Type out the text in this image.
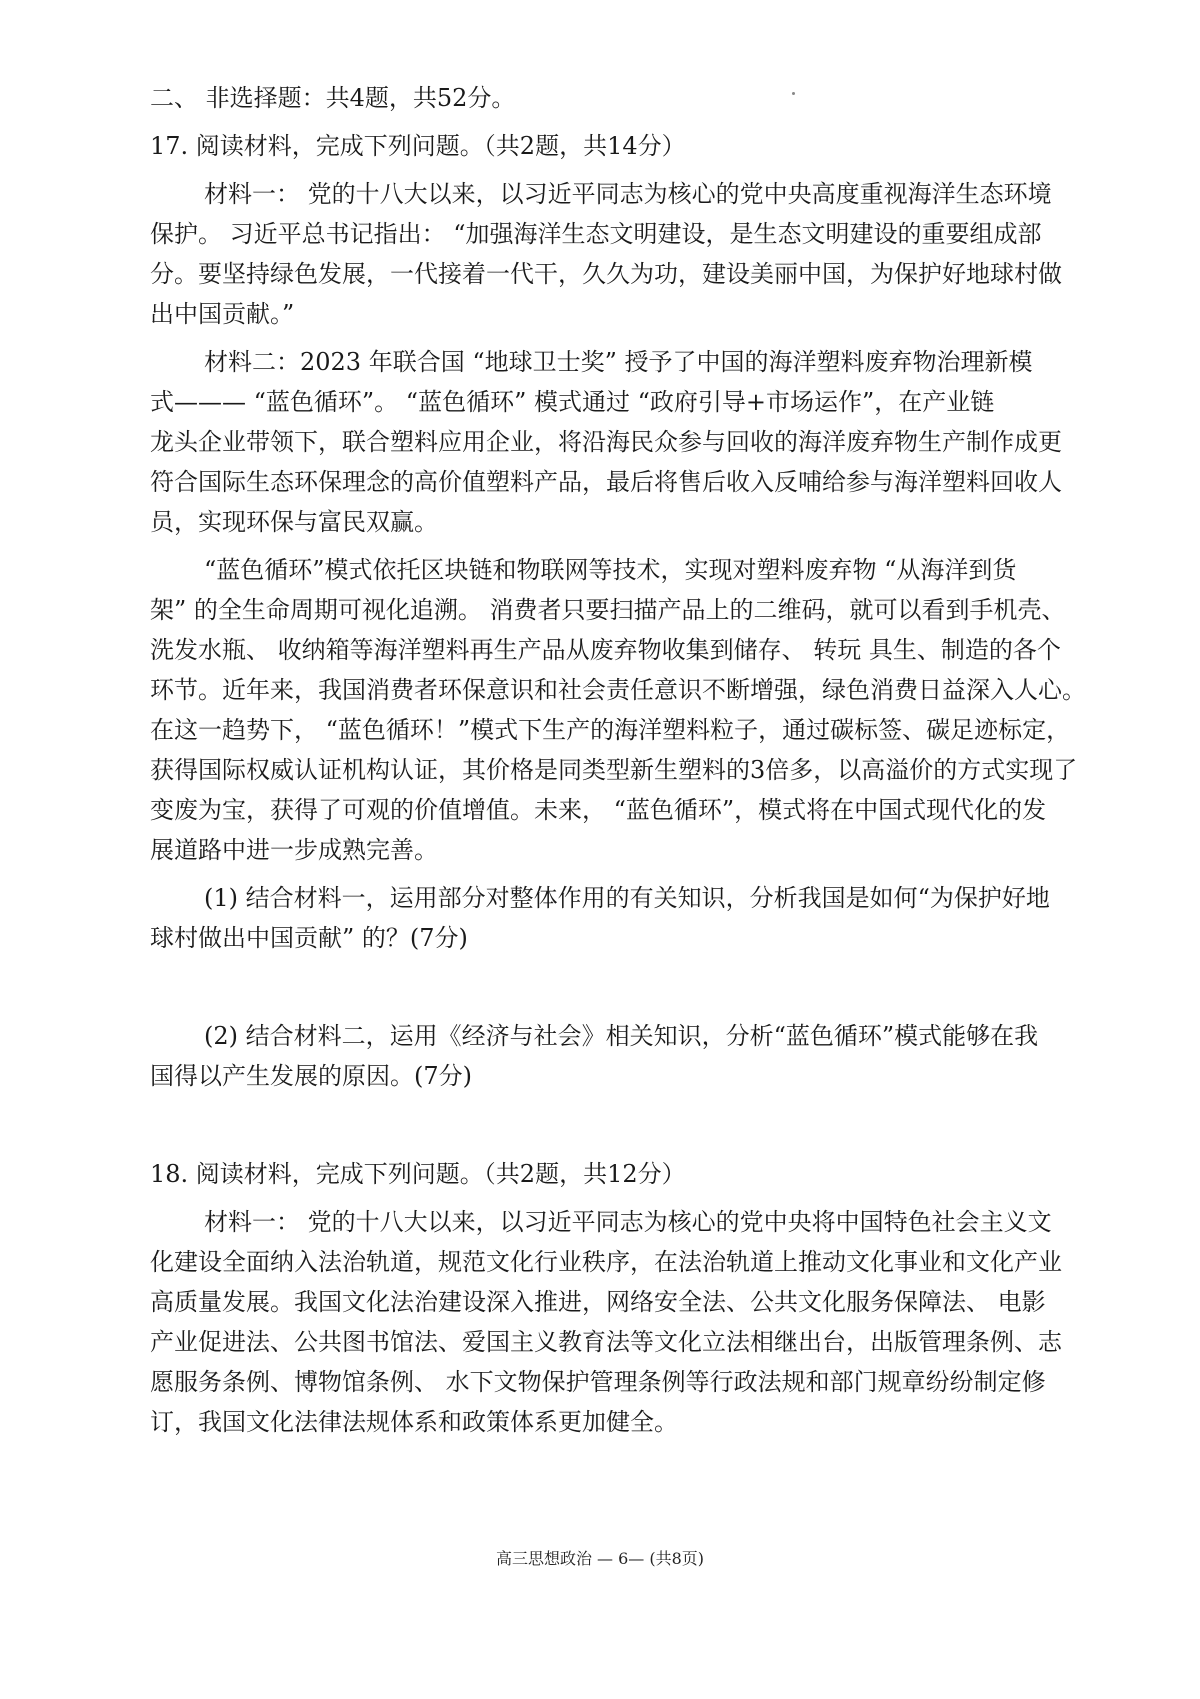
二、 非选择题：共4题，共52分。
17. 阅读材料，完成下列问题。（共2题，共14分）
材料一： 党的十八大以来，以习近平同志为核心的党中央高度重视海洋生态环境
保护。 习近平总书记指出： “加强海洋生态文明建设，是生态文明建设的重要组成部
分。要坚持绿色发展，一代接着一代干，久久为功，建设美丽中国，为保护好地球村做
出中国贡献。”
材料二：2023 年联合国 “地球卫士奖” 授予了中国的海洋塑料废弃物治理新模
式——— “蓝色循环”。 “蓝色循环” 模式通过 “政府引导+市场运作”，在产业链
龙头企业带领下，联合塑料应用企业，将沿海民众参与回收的海洋废弃物生产制作成更
符合国际生态环保理念的高价值塑料产品，最后将售后收入反哺给参与海洋塑料回收人
员，实现环保与富民双赢。
“蓝色循环”模式依托区块链和物联网等技术，实现对塑料废弃物 “从海洋到货
架” 的全生命周期可视化追溯。 消费者只要扫描产品上的二维码，就可以看到手机壳、
洗发水瓶、 收纳箱等海洋塑料再生产品从废弃物收集到储存、 转玩 具生、制造的各个
环节。近年来，我国消费者环保意识和社会责任意识不断增强，绿色消费日益深入人心。
在这一趋势下， “蓝色循环！”模式下生产的海洋塑料粒子，通过碳标签、碳足迹标定，
获得国际权威认证机构认证，其价格是同类型新生塑料的3倍多，以高溢价的方式实现了
变废为宝，获得了可观的价值增值。未来， “蓝色循环”，模式将在中国式现代化的发
展道路中进一步成熟完善。
(1) 结合材料一，运用部分对整体作用的有关知识，分析我国是如何“为保护好地
球村做出中国贡献” 的？(7分)
(2) 结合材料二，运用《经济与社会》相关知识，分析“蓝色循环”模式能够在我
国得以产生发展的原因。(7分)
18. 阅读材料，完成下列问题。（共2题，共12分）
材料一： 党的十八大以来，以习近平同志为核心的党中央将中国特色社会主义文
化建设全面纳入法治轨道，规范文化行业秩序，在法治轨道上推动文化事业和文化产业
高质量发展。我国文化法治建设深入推进，网络安全法、公共文化服务保障法、 电影
产业促进法、公共图书馆法、爱国主义教育法等文化立法相继出台，出版管理条例、志
愿服务条例、博物馆条例、 水下文物保护管理条例等行政法规和部门规章纷纷制定修
订，我国文化法律法规体系和政策体系更加健全。
高三思想政治 — 6— (共8页)
